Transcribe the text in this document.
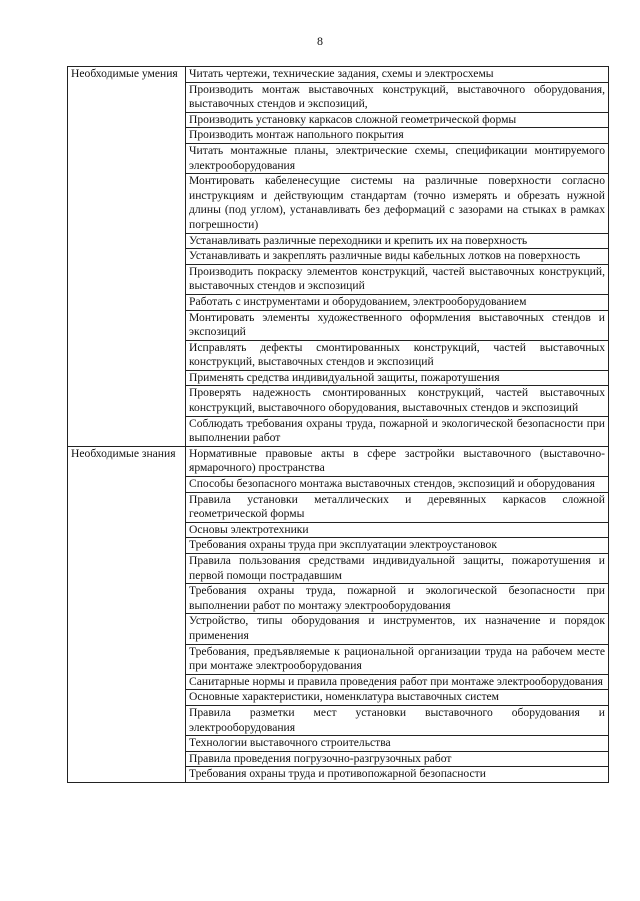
8
Необходимые умения	Читать чертежи, технические задания, схемы и электросхемы
	Производить монтаж выставочных конструкций, выставочного оборудования, выставочных стендов и экспозиций,
	Производить установку каркасов сложной геометрической формы
	Производить монтаж напольного покрытия
	Читать монтажные планы, электрические схемы, спецификации монтируемого электрооборудования
	Монтировать кабеленесущие системы на различные поверхности согласно инструкциям и действующим стандартам (точно измерять и обрезать нужной длины (под углом), устанавливать без деформаций с зазорами на стыках в рамках погрешности)
	Устанавливать различные переходники и крепить их на поверхность
	Устанавливать и закреплять различные виды кабельных лотков на поверхность
	Производить покраску элементов конструкций, частей выставочных конструкций, выставочных стендов и экспозиций
	Работать с инструментами и оборудованием, электрооборудованием
	Монтировать элементы художественного оформления выставочных стендов и экспозиций
	Исправлять дефекты смонтированных конструкций, частей выставочных конструкций, выставочных стендов и экспозиций
	Применять средства индивидуальной защиты, пожаротушения
	Проверять надежность смонтированных конструкций, частей выставочных конструкций, выставочного оборудования, выставочных стендов и экспозиций
	Соблюдать требования охраны труда, пожарной и экологической безопасности при выполнении работ
Необходимые знания	Нормативные правовые акты в сфере застройки выставочного (выставочно-ярмарочного) пространства
	Способы безопасного монтажа выставочных стендов, экспозиций и оборудования
	Правила установки металлических и деревянных каркасов сложной геометрической формы
	Основы электротехники
	Требования охраны труда при эксплуатации электроустановок
	Правила пользования средствами индивидуальной защиты, пожаротушения и первой помощи пострадавшим
	Требования охраны труда, пожарной и экологической безопасности при выполнении работ по монтажу электрооборудования
	Устройство, типы оборудования и инструментов, их назначение и порядок применения
	Требования, предъявляемые к рациональной организации труда на рабочем месте при монтаже электрооборудования
	Санитарные нормы и правила проведения работ при монтаже электрооборудования
	Основные характеристики, номенклатура выставочных систем
	Правила разметки мест установки выставочного оборудования и электрооборудования
	Технологии выставочного строительства
	Правила проведения погрузочно-разгрузочных работ
	Требования охраны труда и противопожарной безопасности
